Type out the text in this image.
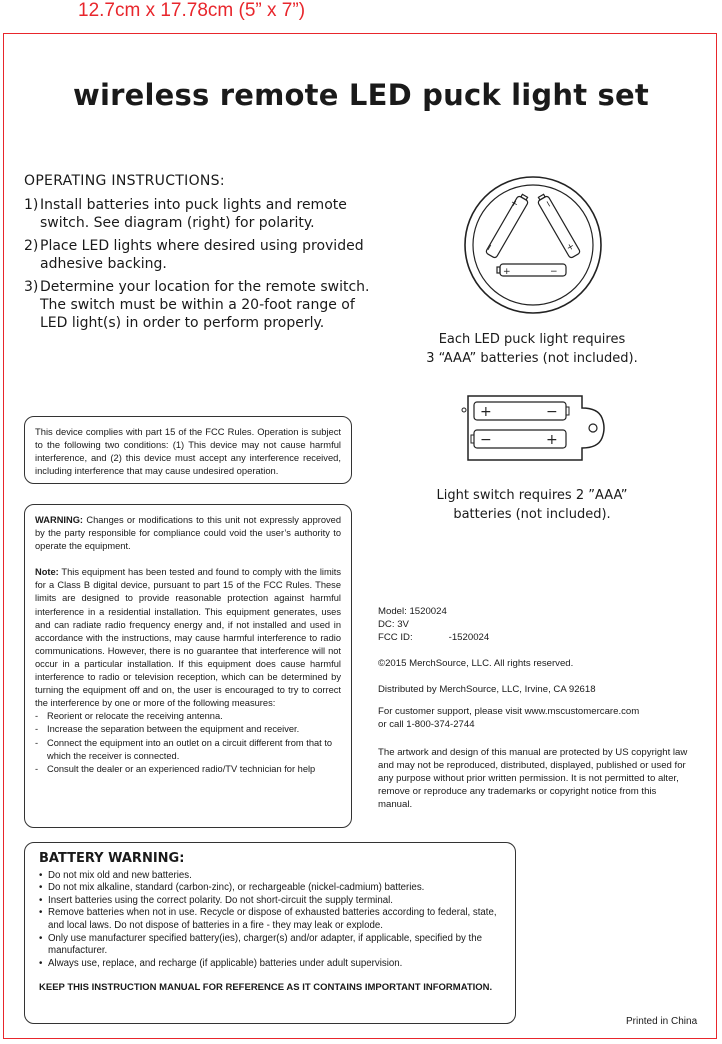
12.7cm x 17.78cm (5” x 7”)
wireless remote LED puck light set
OPERATING INSTRUCTIONS:
1) Install batteries into puck lights and remote switch. See diagram (right) for polarity.
2) Place LED lights where desired using provided adhesive backing.
3) Determine your location for the remote switch. The switch must be within a 20-foot range of LED light(s) in order to perform properly.
+
−
−
+
+	−
Each LED puck light requires
3 “AAA” batteries (not included).
+	−
−	+
Light switch requires 2 ”AAA”
batteries (not included).
This device complies with part 15 of the FCC Rules. Operation is subject to the following two conditions: (1) This device may not cause harmful interference, and (2) this device must accept any interference received, including interference that may cause undesired operation.

WARNING: Changes or modifications to this unit not expressly approved by the party responsible for compliance could void the user’s authority to operate the equipment.

Note: This equipment has been tested and found to comply with the limits for a Class B digital device, pursuant to part 15 of the FCC Rules. These limits are designed to provide reasonable protection against harmful interference in a residential installation. This equipment generates, uses and can radiate radio frequency energy and, if not installed and used in accordance with the instructions, may cause harmful interference to radio communications. However, there is no guarantee that interference will not occur in a particular installation. If this equipment does cause harmful interference to radio or television reception, which can be determined by turning the equipment off and on, the user is encouraged to try to correct the interference by one or more of the following measures:

- Reorient or relocate the receiving antenna.
- Increase the separation between the equipment and receiver.
- Connect the equipment into an outlet on a circuit different from that to which the receiver is connected.
- Consult the dealer or an experienced radio/TV technician for help
Model: 1520024
DC: 3V
FCC ID:	-1520024
©2015 MerchSource, LLC. All rights reserved.
Distributed by MerchSource, LLC, Irvine, CA 92618
For customer support, please visit www.mscustomercare.com
or call 1-800-374-2744
The artwork and design of this manual are protected by US copyright law and may not be reproduced, distributed, displayed, published or used for any purpose without prior written permission. It is not permitted to alter, remove or reproduce any trademarks or copyright notice from this manual.
BATTERY WARNING:
• Do not mix old and new batteries.
• Do not mix alkaline, standard (carbon-zinc), or rechargeable (nickel-cadmium) batteries.
• Insert batteries using the correct polarity. Do not short-circuit the supply terminal.
• Remove batteries when not in use. Recycle or dispose of exhausted batteries according to federal, state, and local laws. Do not dispose of batteries in a fire - they may leak or explode.
• Only use manufacturer specified battery(ies), charger(s) and/or adapter, if applicable, specified by the manufacturer.
• Always use, replace, and recharge (if applicable) batteries under adult supervision.
KEEP THIS INSTRUCTION MANUAL FOR REFERENCE AS IT CONTAINS IMPORTANT INFORMATION.
Printed in China
